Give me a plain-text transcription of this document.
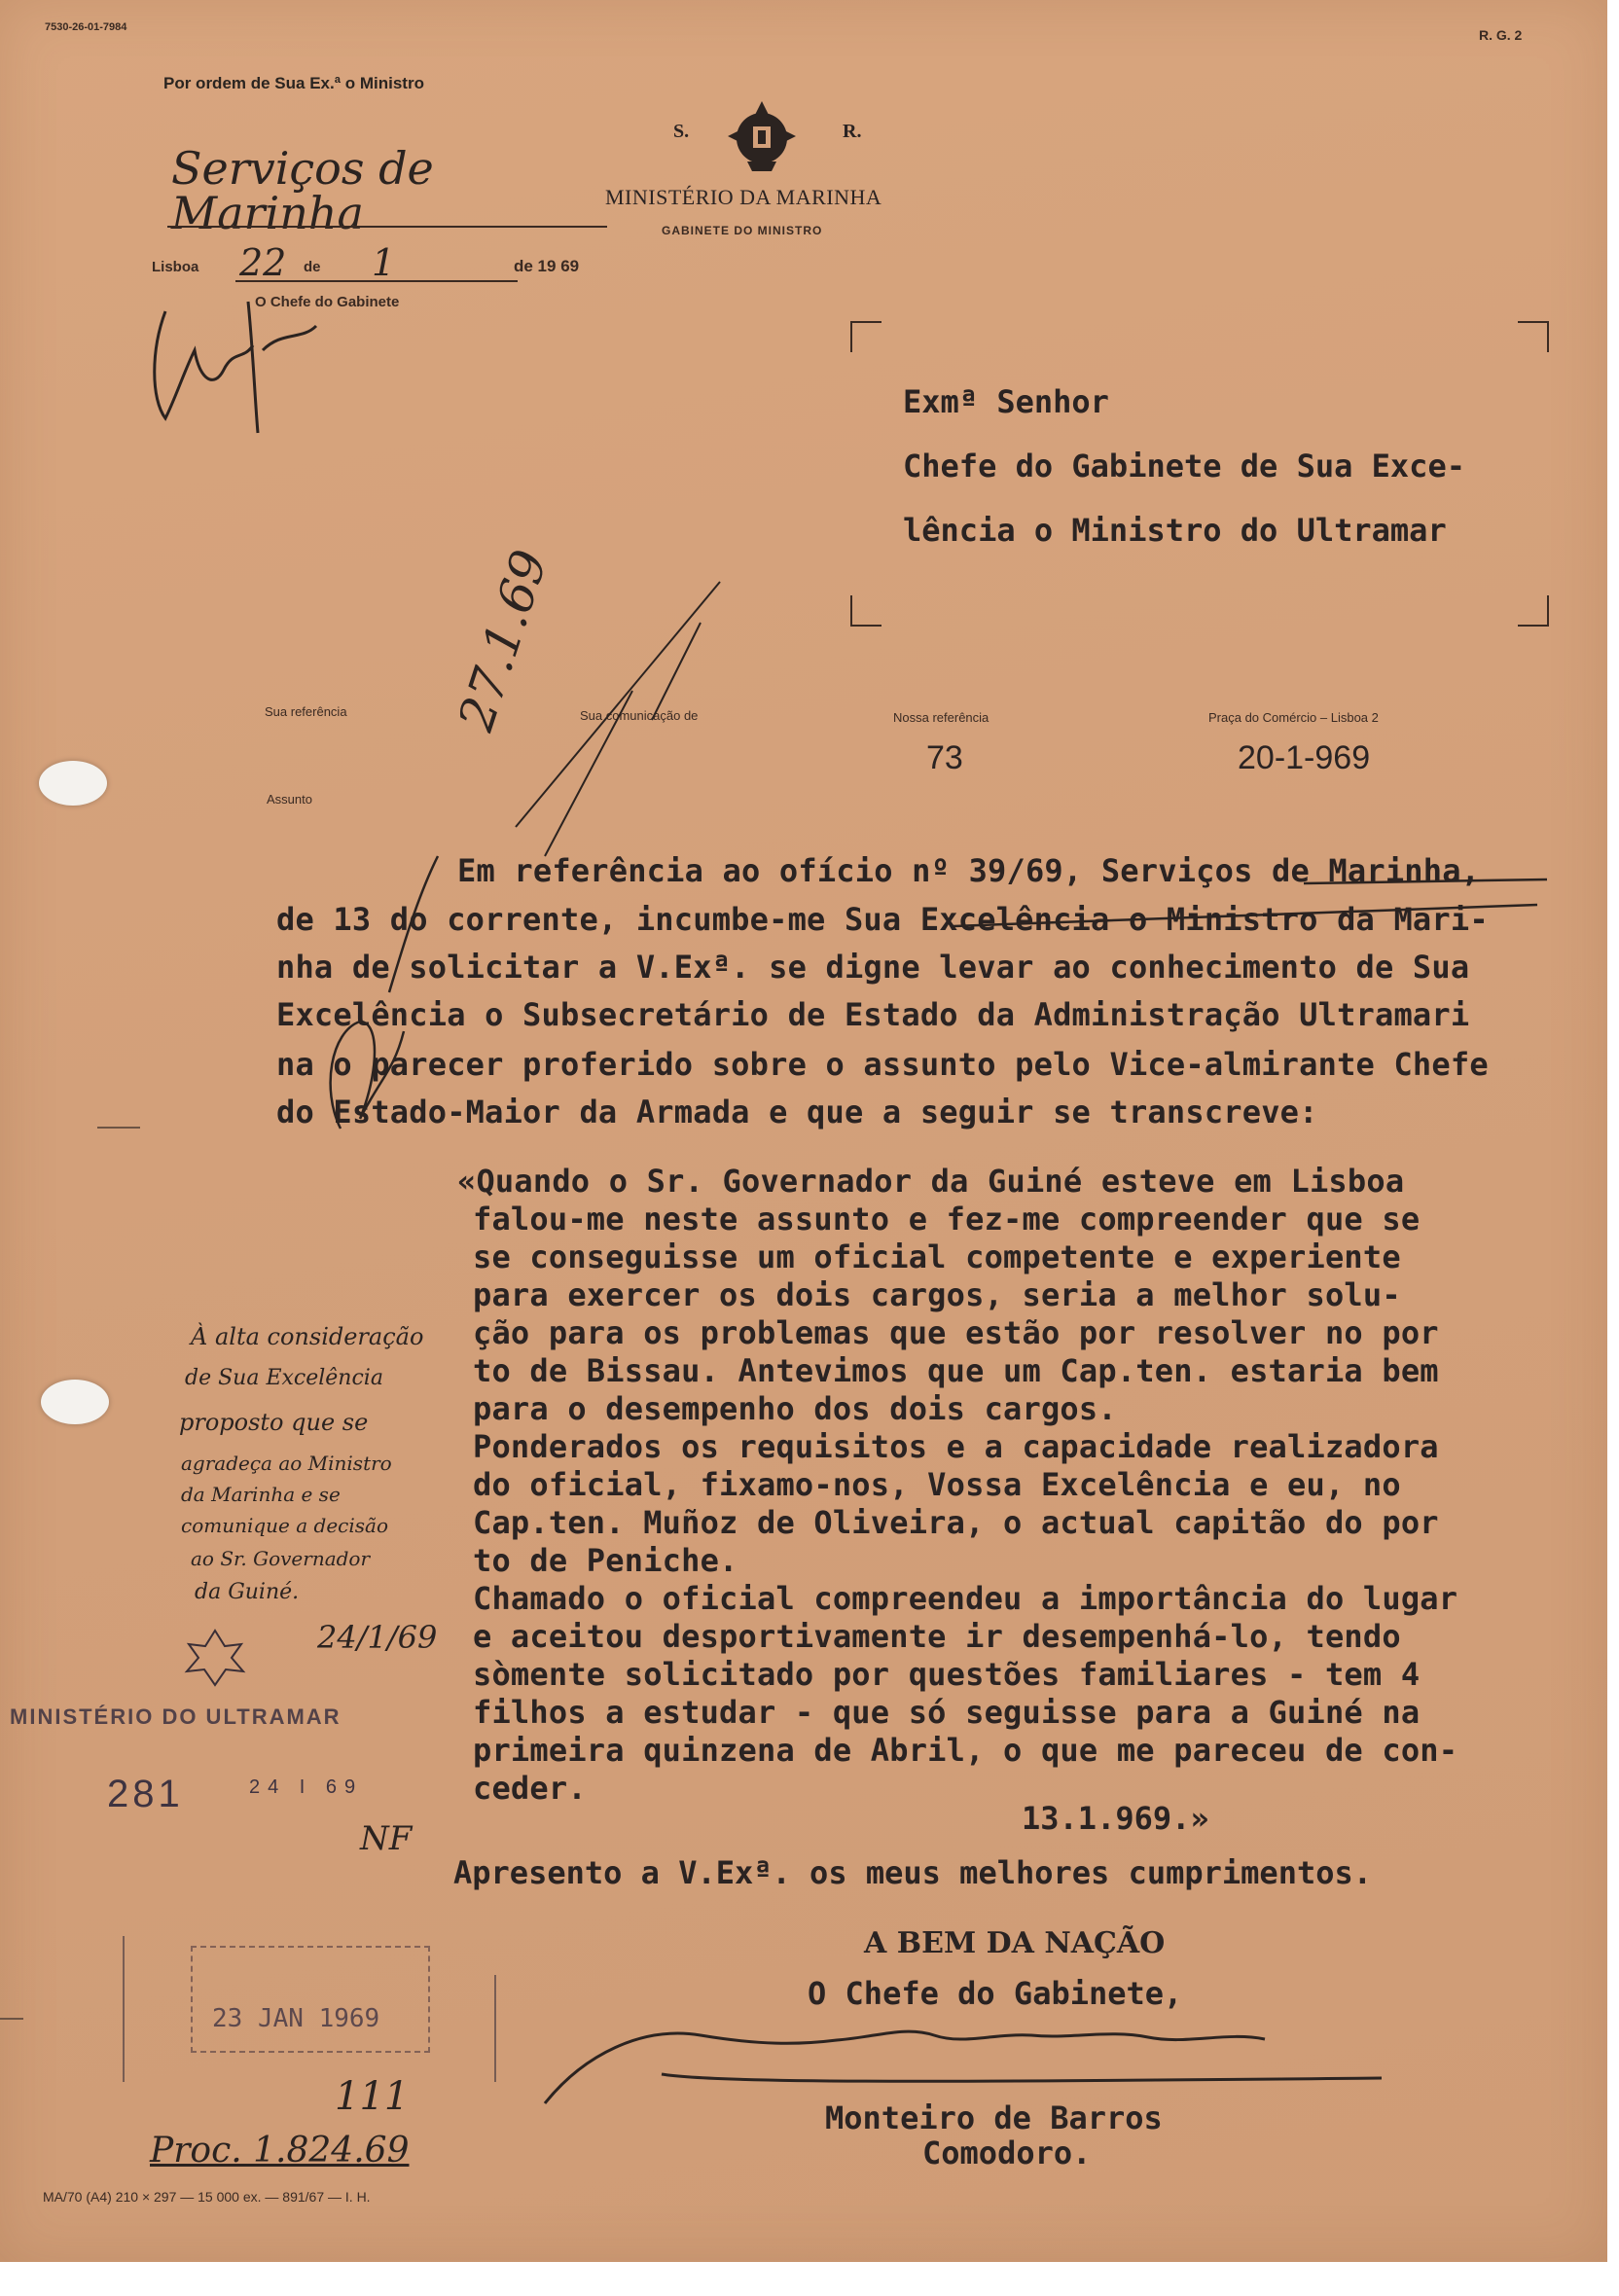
7530-26-01-7984	R. G. 2
Por ordem de Sua Ex.ª o Ministro
Serviços de Marinha
Lisboa 22 de 1	de 19 69
O Chefe do Gabinete
S.	R.
MINISTÉRIO DA MARINHA
GABINETE DO MINISTRO
Exmª Senhor
Chefe do Gabinete de Sua Exce-
lência o Ministro do Ultramar
Sua referência	Sua comunicação de	Nossa referência
73
Praça do Comércio – Lisboa 2
20-1-969
Assunto
27.1.69
Em referência ao ofício nº 39/69, Serviços de Marinha,
de 13 do corrente, incumbe-me Sua Excelência o Ministro da Mari-
nha de solicitar a V.Exª. se digne levar ao conhecimento de Sua
Excelência o Subsecretário de Estado da Administração Ultramari
na o parecer proferido sobre o assunto pelo Vice-almirante Chefe
do Estado-Maior da Armada e que a seguir se transcreve:
«Quando o Sr. Governador da Guiné esteve em Lisboa
falou-me neste assunto e fez-me compreender que se
se conseguisse um oficial competente e experiente
para exercer os dois cargos, seria a melhor solu-
ção para os problemas que estão por resolver no por
to de Bissau. Antevimos que um Cap.ten. estaria bem
para o desempenho dos dois cargos.
Ponderados os requisitos e a capacidade realizadora
do oficial, fixamo-nos, Vossa Excelência e eu, no
Cap.ten. Muñoz de Oliveira, o actual capitão do por
to de Peniche.
Chamado o oficial compreendeu a importância do lugar
e aceitou desportivamente ir desempenhá-lo, tendo
sòmente solicitado por questões familiares - tem 4
filhos a estudar - que só seguisse para a Guiné na
primeira quinzena de Abril, o que me pareceu de con-
ceder.
13.1.969.»
Apresento a V.Exª. os meus melhores cumprimentos.
A BEM DA NAÇÃO
O Chefe do Gabinete,
Monteiro de Barros
Comodoro.
À alta consideração
de Sua Excelência
proposto que se
agradeça ao Ministro
da Marinha e se
comunique a decisão
ao Sr. Governador
da Guiné.
24/1/69
MINISTÉRIO DO ULTRAMAR
281	24 I 69
NF
23 JAN 1969
111
Proc. 1.824.69
MA/70 (A4) 210 × 297 — 15 000 ex. — 891/67 — I. H.
